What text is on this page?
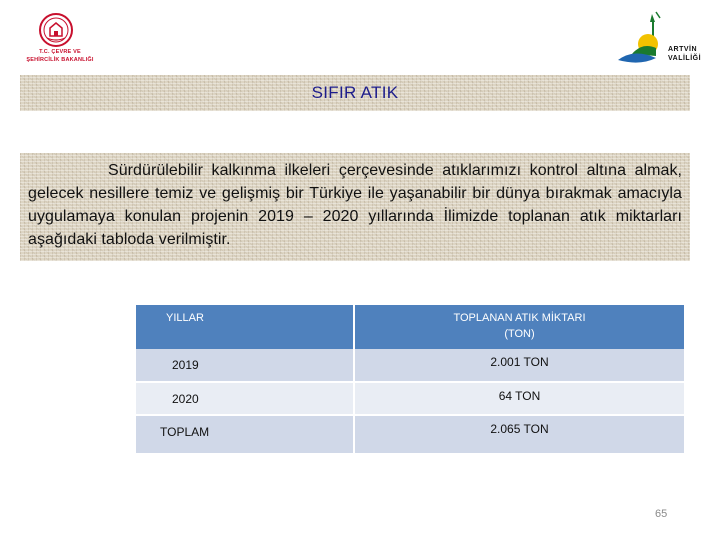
T.C. ÇEVRE VE
ŞEHİRCİLİK BAKANLIĞI
ARTVİN
VALİLİĞİ
SIFIR ATIK

Sürdürülebilir kalkınma ilkeleri çerçevesinde atıklarımızı kontrol altına almak, gelecek nesillere temiz ve gelişmiş bir Türkiye ile yaşanabilir bir dünya bırakmak amacıyla uygulamaya konulan projenin 2019 – 2020 yıllarında İlimizde toplanan atık miktarları aşağıdaki tabloda verilmiştir.

YILLAR	TOPLANAN ATIK MİKTARI
(TON)

2019	2.001 TON
2020	64 TON
TOPLAM	2.065 TON
65
